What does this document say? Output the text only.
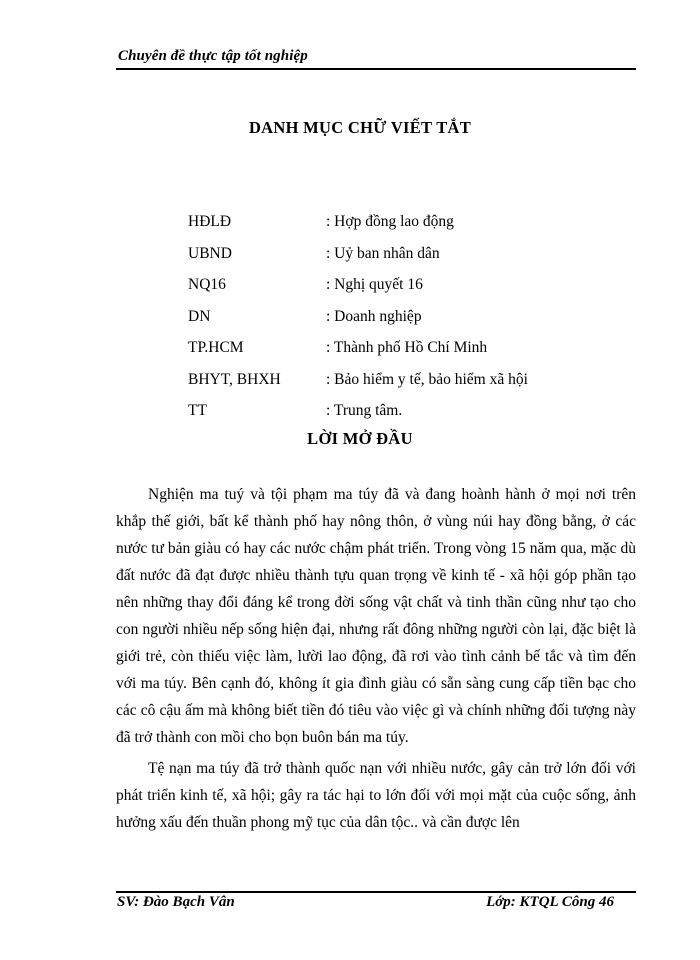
Chuyên đề thực tập tốt nghiệp
DANH MỤC CHỮ VIẾT TẮT
HĐLĐ	: Hợp đồng lao động
UBND	: Uỷ ban nhân dân
NQ16	: Nghị quyết 16
DN	: Doanh nghiệp
TP.HCM	: Thành phố Hồ Chí Minh
BHYT, BHXH	: Bảo hiểm y tế, bảo hiểm xã hội
TT	: Trung tâm.
LỜI MỞ ĐẦU

Nghiện ma tuý và tội phạm ma túy đã và đang hoành hành ở mọi nơi trên khắp thế giới, bất kể thành phố hay nông thôn, ở vùng núi hay đồng bằng, ở các nước tư bản giàu có hay các nước chậm phát triển. Trong vòng 15 năm qua, mặc dù đất nước đã đạt được nhiều thành tựu quan trọng về kinh tế - xã hội góp phần tạo nên những thay đổi đáng kể trong đời sống vật chất và tinh thần cũng như tạo cho con người nhiều nếp sống hiện đại, nhưng rất đông những người còn lại, đặc biệt là giới trẻ, còn thiếu việc làm, lười lao động, đã rơi vào tình cảnh bế tắc và tìm đến với ma túy. Bên cạnh đó, không ít gia đình giàu có sẵn sàng cung cấp tiền bạc cho các cô cậu ấm mà không biết tiền đó tiêu vào việc gì và chính những đối tượng này đã trở thành con mồi cho bọn buôn bán ma túy.

Tệ nạn ma túy đã trở thành quốc nạn với nhiều nước, gây cản trở lớn đối với phát triển kinh tế, xã hội; gây ra tác hại to lớn đối với mọi mặt của cuộc sống, ảnh hưởng xấu đến thuần phong mỹ tục của dân tộc.. và cần được lên

SV: Đào Bạch Vân	Lớp: KTQL Công 46
